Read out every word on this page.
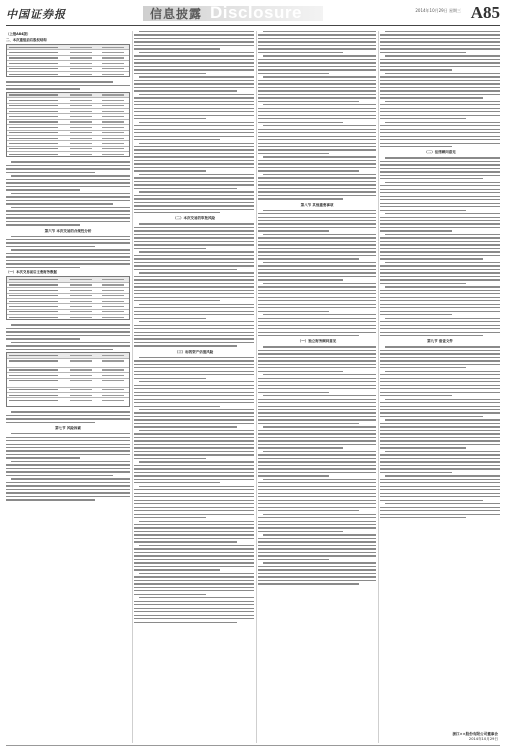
中国证券报	信息披露 Disclosure	2014年10月29日 星期三 A85
（上接A84版）
二、本次重组前后股权结构
第六节 本次交易的合规性分析
（一）本次交易前后主要财务数据
第七节 风险因素
（二）本次交易的审批风险
（三）标的资产估值风险
第八节 其他重要事项
（一）独立财务顾问意见
（二）法律顾问意见
第九节 备查文件
浙江××股份有限公司董事会
2014年10月29日
